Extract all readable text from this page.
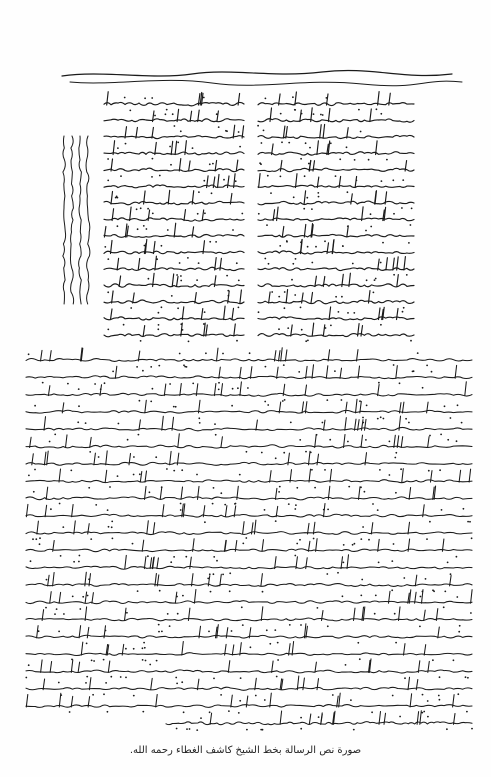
صورة نص الرسالة بخط الشيخ كاشف الغطاء رحمه الله.
